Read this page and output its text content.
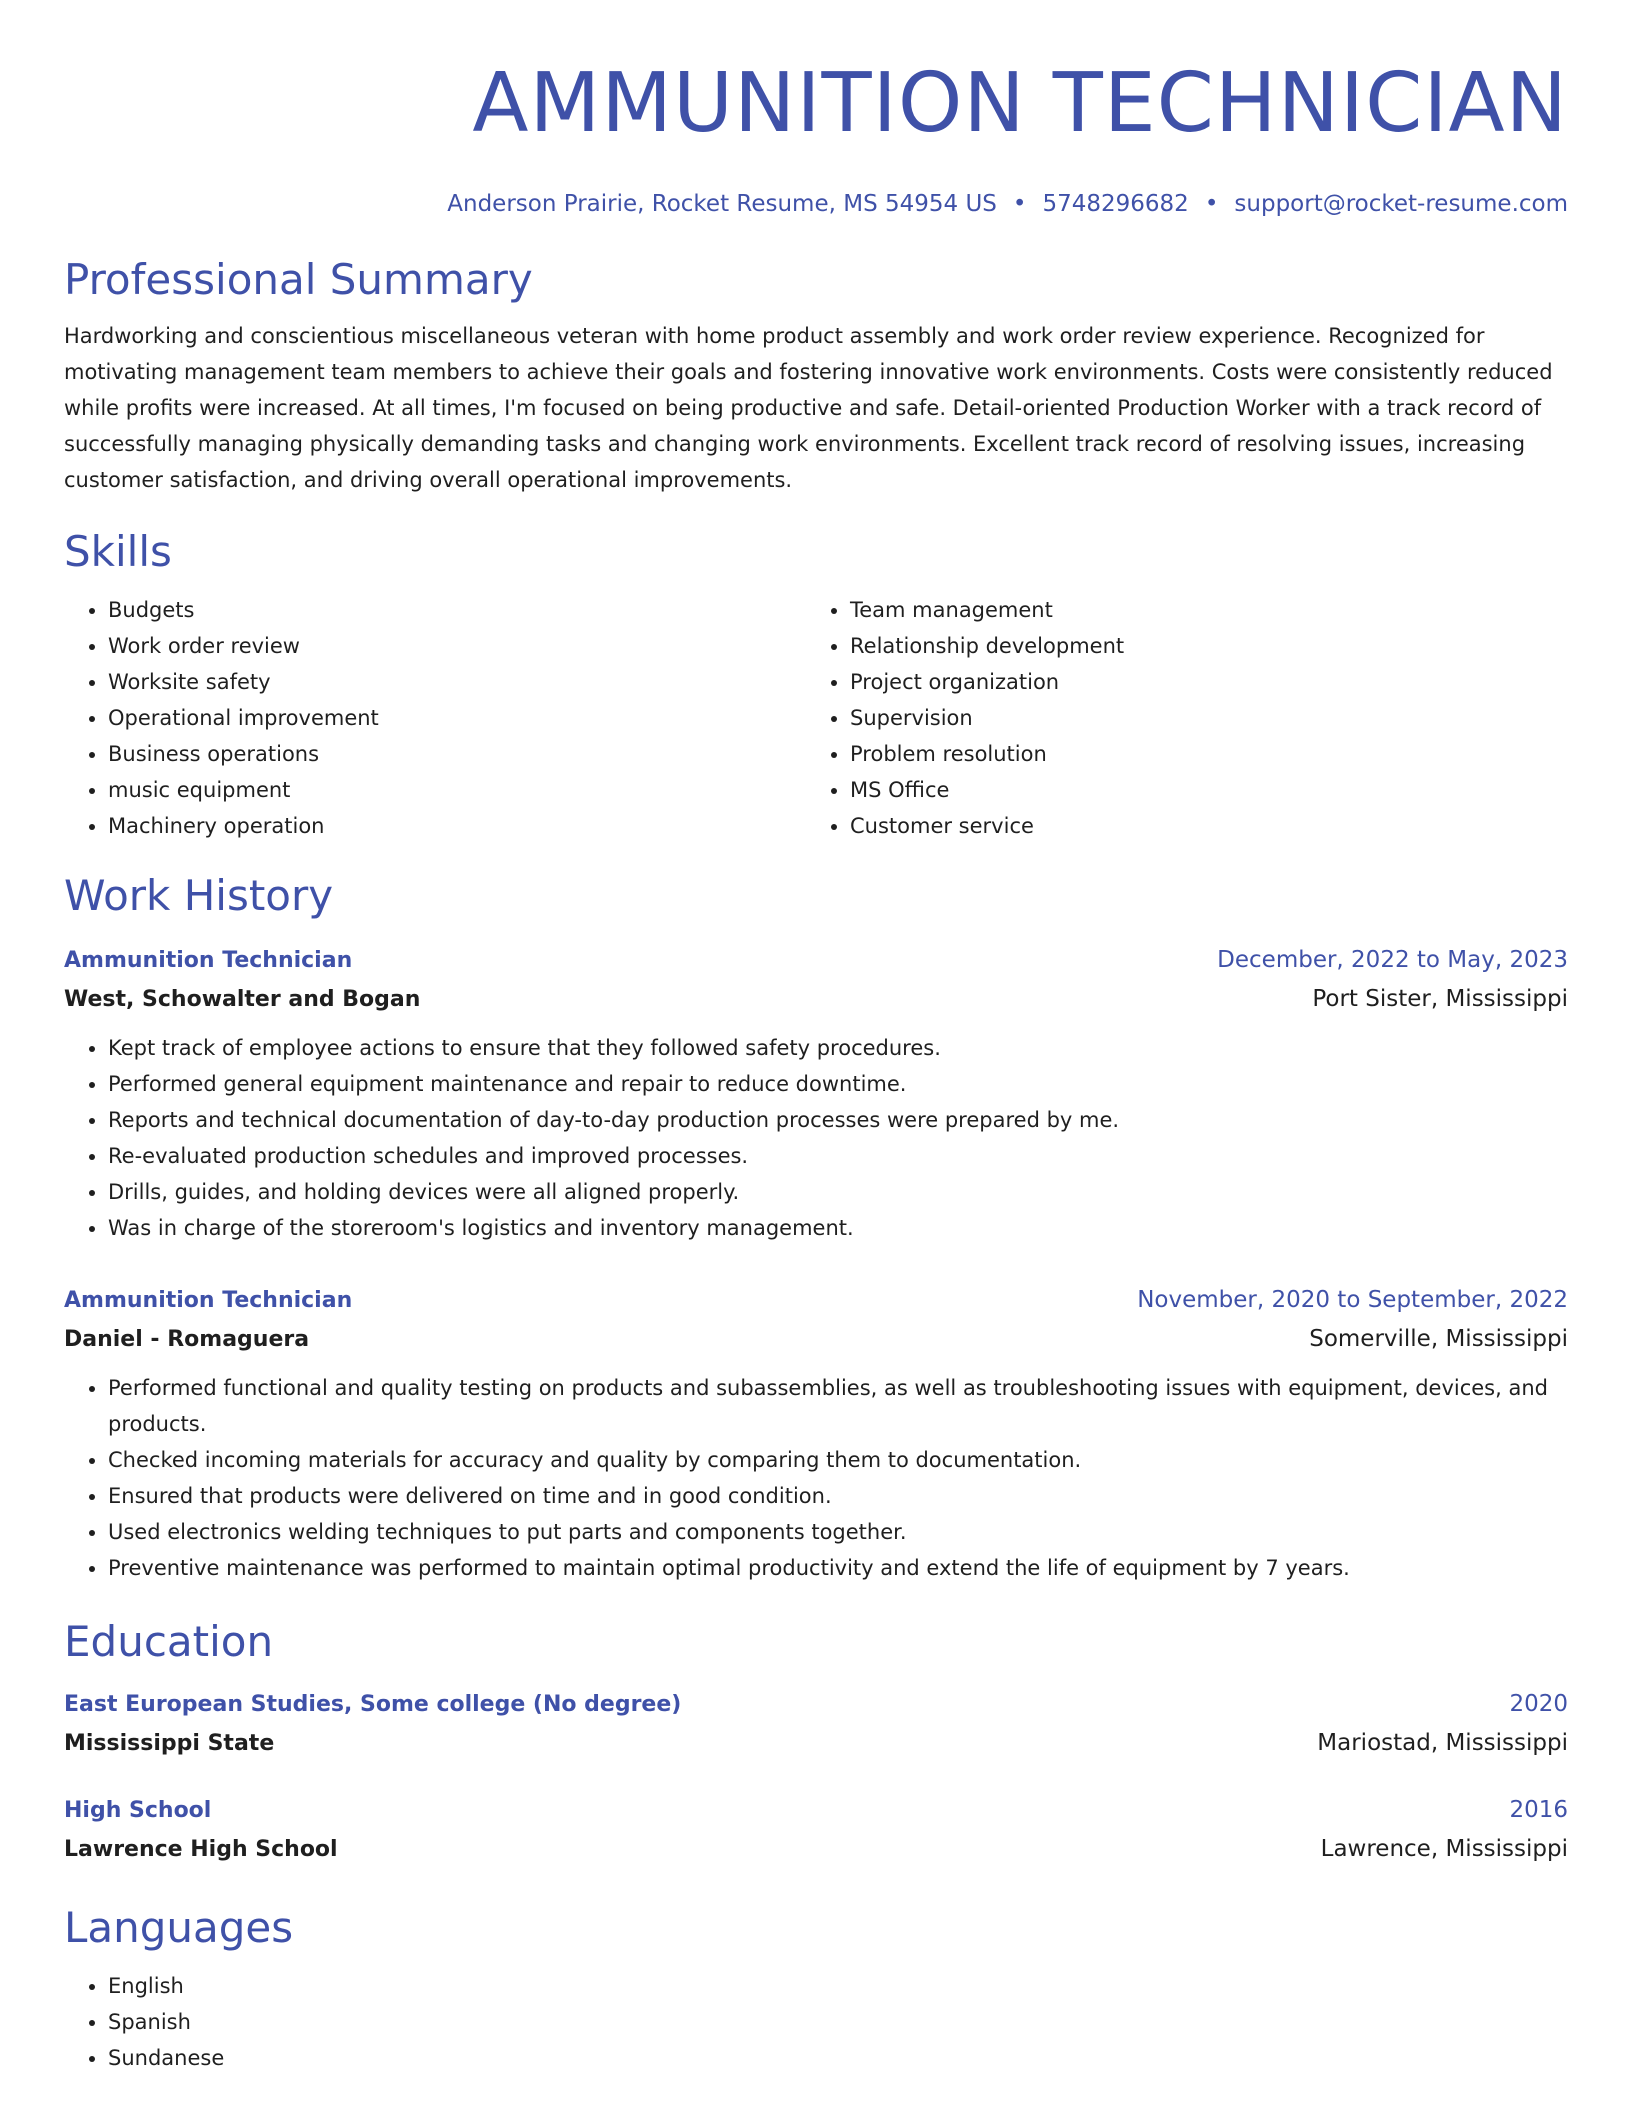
AMMUNITION TECHNICIAN
Anderson Prairie, Rocket Resume, MS 54954 US • 5748296682 • support@rocket-resume.com
Professional Summary

Hardworking and conscientious miscellaneous veteran with home product assembly and work order review experience. Recognized for motivating management team members to achieve their goals and fostering innovative work environments. Costs were consistently reduced while profits were increased. At all times, I'm focused on being productive and safe. Detail-oriented Production Worker with a track record of successfully managing physically demanding tasks and changing work environments. Excellent track record of resolving issues, increasing customer satisfaction, and driving overall operational improvements.

Skills
• Budgets
• Work order review
• Worksite safety
• Operational improvement
• Business operations
• music equipment
• Machinery operation
• Team management
• Relationship development
• Project organization
• Supervision
• Problem resolution
• MS Office
• Customer service
Work History
Ammunition Technician	December, 2022 to May, 2023
West, Schowalter and Bogan	Port Sister, Mississippi
• Kept track of employee actions to ensure that they followed safety procedures.
• Performed general equipment maintenance and repair to reduce downtime.
• Reports and technical documentation of day-to-day production processes were prepared by me.
• Re-evaluated production schedules and improved processes.
• Drills, guides, and holding devices were all aligned properly.
• Was in charge of the storeroom's logistics and inventory management.
Ammunition Technician	November, 2020 to September, 2022
Daniel - Romaguera	Somerville, Mississippi
• Performed functional and quality testing on products and subassemblies, as well as troubleshooting issues with equipment, devices, and products.
• Checked incoming materials for accuracy and quality by comparing them to documentation.
• Ensured that products were delivered on time and in good condition.
• Used electronics welding techniques to put parts and components together.
• Preventive maintenance was performed to maintain optimal productivity and extend the life of equipment by 7 years.
Education
East European Studies, Some college (No degree)	2020
Mississippi State	Mariostad, Mississippi
High School	2016
Lawrence High School	Lawrence, Mississippi
Languages
• English
• Spanish
• Sundanese
